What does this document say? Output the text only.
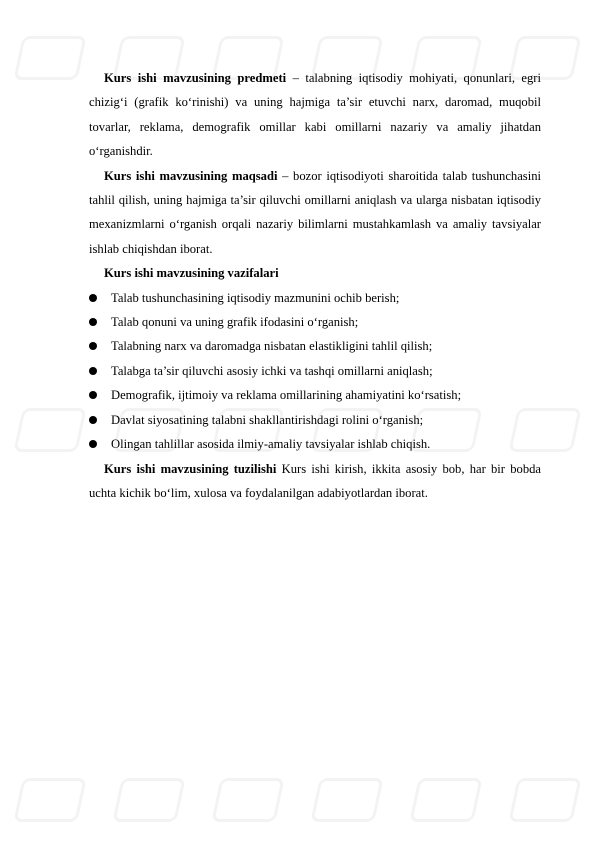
Kurs ishi mavzusining predmeti – talabning iqtisodiy mohiyati, qonunlari, egri chizig‘i (grafik ko‘rinishi) va uning hajmiga ta’sir etuvchi narx, daromad, muqobil tovarlar, reklama, demografik omillar kabi omillarni nazariy va amaliy jihatdan o‘rganishdir.

Kurs ishi mavzusining maqsadi – bozor iqtisodiyoti sharoitida talab tushunchasini tahlil qilish, uning hajmiga ta’sir qiluvchi omillarni aniqlash va ularga nisbatan iqtisodiy mexanizmlarni o‘rganish orqali nazariy bilimlarni mustahkamlash va amaliy tavsiyalar ishlab chiqishdan iborat.

Kurs ishi mavzusining vazifalari

Talab tushunchasining iqtisodiy mazmunini ochib berish;
Talab qonuni va uning grafik ifodasini o‘rganish;
Talabning narx va daromadga nisbatan elastikligini tahlil qilish;
Talabga ta’sir qiluvchi asosiy ichki va tashqi omillarni aniqlash;
Demografik, ijtimoiy va reklama omillarining ahamiyatini ko‘rsatish;
Davlat siyosatining talabni shakllantirishdagi rolini o‘rganish;
Olingan tahlillar asosida ilmiy-amaliy tavsiyalar ishlab chiqish.

Kurs ishi mavzusining tuzilishi Kurs ishi kirish, ikkita asosiy bob, har bir bobda uchta kichik bo‘lim, xulosa va foydalanilgan adabiyotlardan iborat.
